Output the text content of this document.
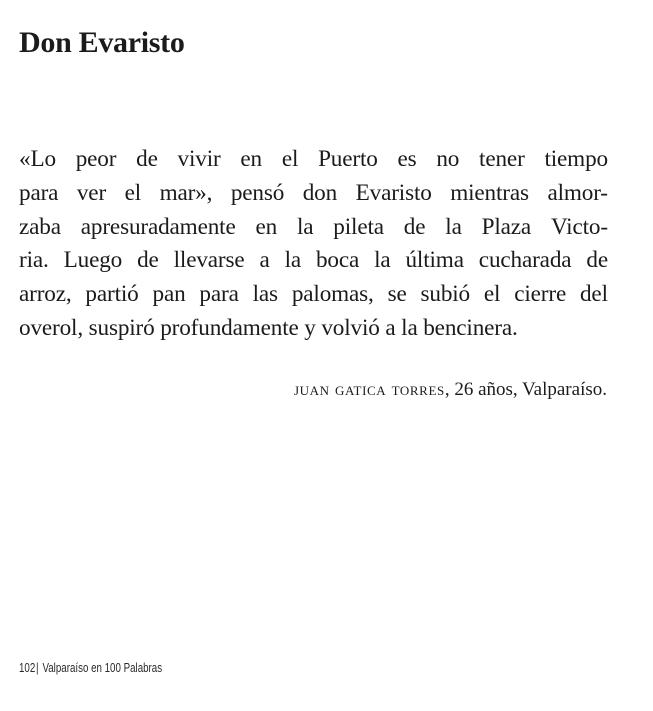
Don Evaristo
«Lo peor de vivir en el Puerto es no tener tiempo
para ver el mar», pensó don Evaristo mientras almor-
zaba apresuradamente en la pileta de la Plaza Victo-
ria. Luego de llevarse a la boca la última cucharada de
arroz, partió pan para las palomas, se subió el cierre del
overol, suspiró profundamente y volvió a la bencinera.
juan gatica torres, 26 años, Valparaíso.
102| Valparaíso en 100 Palabras
